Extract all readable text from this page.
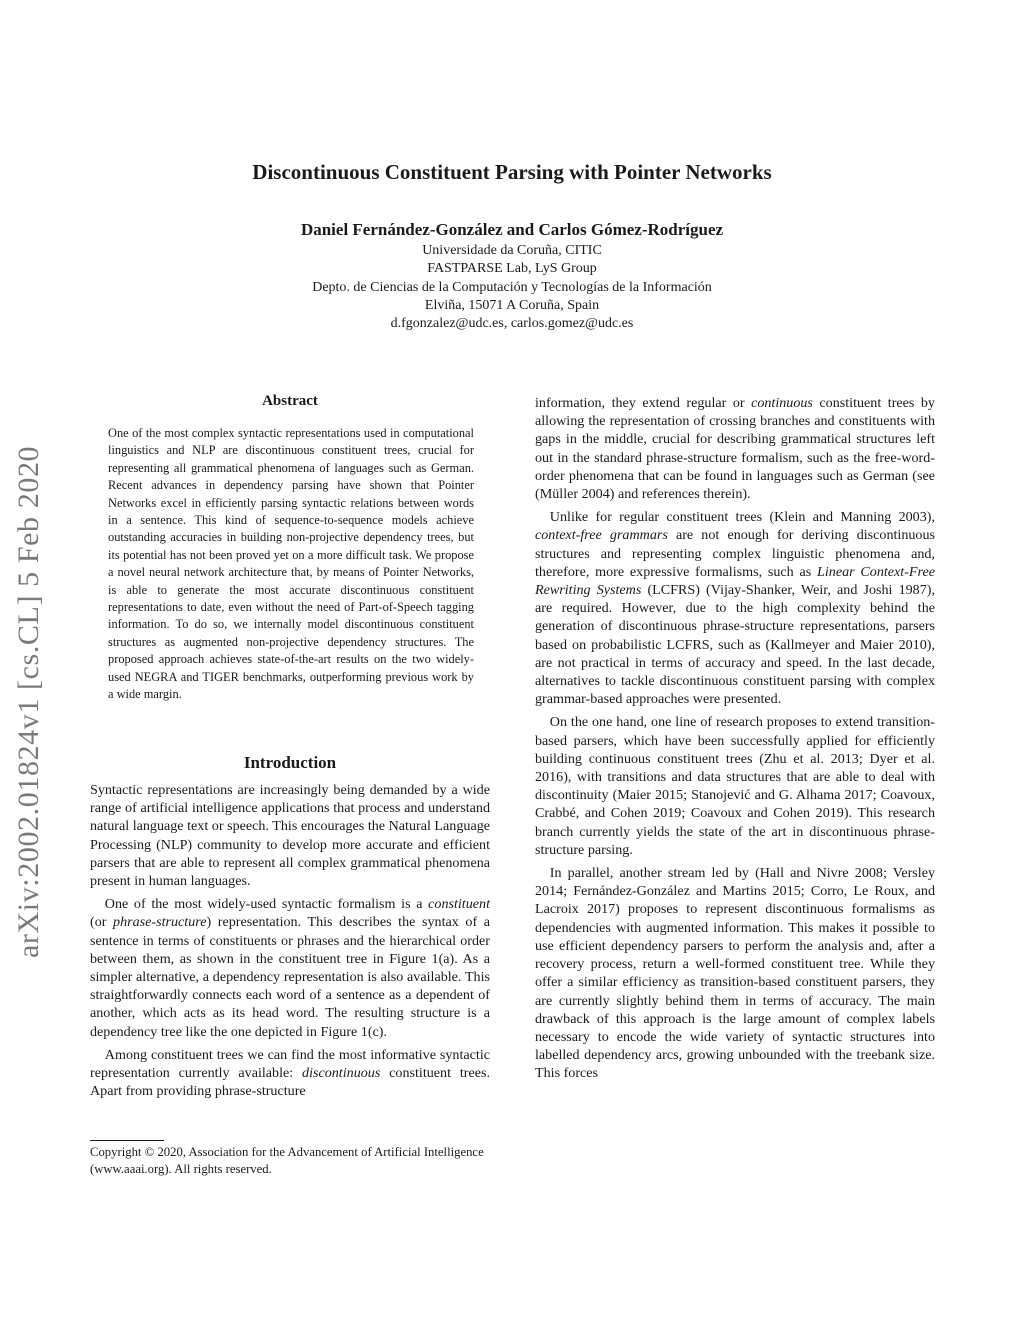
arXiv:2002.01824v1 [cs.CL] 5 Feb 2020
Discontinuous Constituent Parsing with Pointer Networks
Daniel Fernández-González and Carlos Gómez-Rodríguez
Universidade da Coruña, CITIC
FASTPARSE Lab, LyS Group
Depto. de Ciencias de la Computación y Tecnologías de la Información
Elviña, 15071 A Coruña, Spain
d.fgonzalez@udc.es, carlos.gomez@udc.es
Abstract
One of the most complex syntactic representations used in computational linguistics and NLP are discontinuous constituent trees, crucial for representing all grammatical phenomena of languages such as German. Recent advances in dependency parsing have shown that Pointer Networks excel in efficiently parsing syntactic relations between words in a sentence. This kind of sequence-to-sequence models achieve outstanding accuracies in building non-projective dependency trees, but its potential has not been proved yet on a more difficult task. We propose a novel neural network architecture that, by means of Pointer Networks, is able to generate the most accurate discontinuous constituent representations to date, even without the need of Part-of-Speech tagging information. To do so, we internally model discontinuous constituent structures as augmented non-projective dependency structures. The proposed approach achieves state-of-the-art results on the two widely-used NEGRA and TIGER benchmarks, outperforming previous work by a wide margin.
Introduction

Syntactic representations are increasingly being demanded by a wide range of artificial intelligence applications that process and understand natural language text or speech. This encourages the Natural Language Processing (NLP) community to develop more accurate and efficient parsers that are able to represent all complex grammatical phenomena present in human languages.

One of the most widely-used syntactic formalism is a constituent (or phrase-structure) representation. This describes the syntax of a sentence in terms of constituents or phrases and the hierarchical order between them, as shown in the constituent tree in Figure 1(a). As a simpler alternative, a dependency representation is also available. This straightforwardly connects each word of a sentence as a dependent of another, which acts as its head word. The resulting structure is a dependency tree like the one depicted in Figure 1(c).

Among constituent trees we can find the most informative syntactic representation currently available: discontinuous constituent trees. Apart from providing phrase-structure

Copyright © 2020, Association for the Advancement of Artificial Intelligence (www.aaai.org). All rights reserved.

information, they extend regular or continuous constituent trees by allowing the representation of crossing branches and constituents with gaps in the middle, crucial for describing grammatical structures left out in the standard phrase-structure formalism, such as the free-word-order phenomena that can be found in languages such as German (see (Müller 2004) and references therein).

Unlike for regular constituent trees (Klein and Manning 2003), context-free grammars are not enough for deriving discontinuous structures and representing complex linguistic phenomena and, therefore, more expressive formalisms, such as Linear Context-Free Rewriting Systems (LCFRS) (Vijay-Shanker, Weir, and Joshi 1987), are required. However, due to the high complexity behind the generation of discontinuous phrase-structure representations, parsers based on probabilistic LCFRS, such as (Kallmeyer and Maier 2010), are not practical in terms of accuracy and speed. In the last decade, alternatives to tackle discontinuous constituent parsing with complex grammar-based approaches were presented.

On the one hand, one line of research proposes to extend transition-based parsers, which have been successfully applied for efficiently building continuous constituent trees (Zhu et al. 2013; Dyer et al. 2016), with transitions and data structures that are able to deal with discontinuity (Maier 2015; Stanojević and G. Alhama 2017; Coavoux, Crabbé, and Cohen 2019; Coavoux and Cohen 2019). This research branch currently yields the state of the art in discontinuous phrase-structure parsing.

In parallel, another stream led by (Hall and Nivre 2008; Versley 2014; Fernández-González and Martins 2015; Corro, Le Roux, and Lacroix 2017) proposes to represent discontinuous formalisms as dependencies with augmented information. This makes it possible to use efficient dependency parsers to perform the analysis and, after a recovery process, return a well-formed constituent tree. While they offer a similar efficiency as transition-based constituent parsers, they are currently slightly behind them in terms of accuracy. The main drawback of this approach is the large amount of complex labels necessary to encode the wide variety of syntactic structures into labelled dependency arcs, growing unbounded with the treebank size. This forces
